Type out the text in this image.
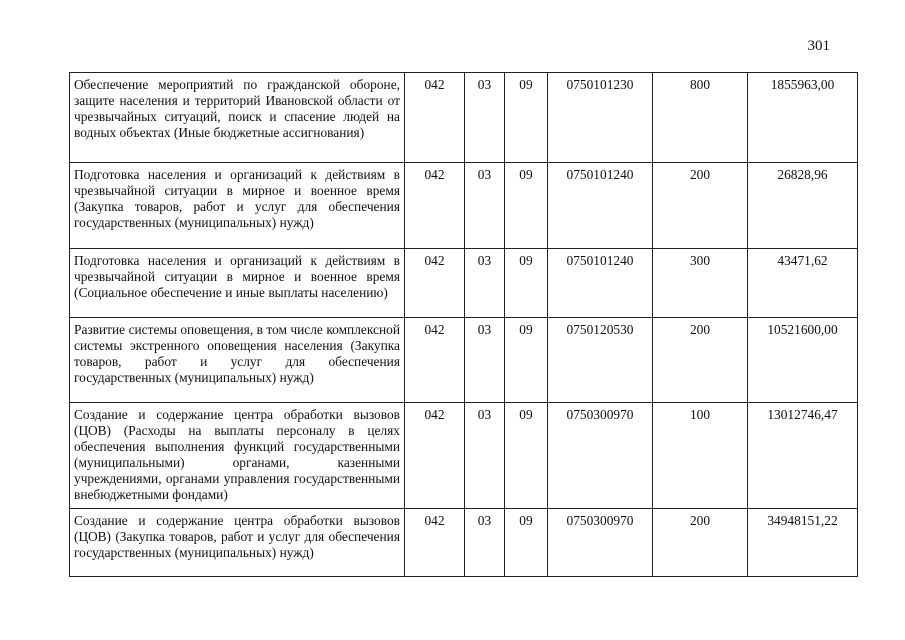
301
Обеспечение мероприятий по гражданской обороне, защите населения и территорий Ивановской области от чрезвычайных ситуаций, поиск и спасение людей на водных объектах (Иные бюджетные ассигнования)	042	03	09	0750101230	800	1855963,00
Подготовка населения и организаций к действиям в чрезвычайной ситуации в мирное и военное время (Закупка товаров, работ и услуг для обеспечения государственных (муниципальных) нужд)	042	03	09	0750101240	200	26828,96
Подготовка населения и организаций к действиям в чрезвычайной ситуации в мирное и военное время (Социальное обеспечение и иные выплаты населению)	042	03	09	0750101240	300	43471,62
Развитие системы оповещения, в том числе комплексной системы экстренного оповещения населения (Закупка товаров, работ и услуг для обеспечения государственных (муниципальных) нужд)	042	03	09	0750120530	200	10521600,00
Создание и содержание центра обработки вызовов (ЦОВ) (Расходы на выплаты персоналу в целях обеспечения выполнения функций государственными (муниципальными) органами, казенными учреждениями, органами управления государственными внебюджетными фондами)	042	03	09	0750300970	100	13012746,47
Создание и содержание центра обработки вызовов (ЦОВ) (Закупка товаров, работ и услуг для обеспечения государственных (муниципальных) нужд)	042	03	09	0750300970	200	34948151,22
